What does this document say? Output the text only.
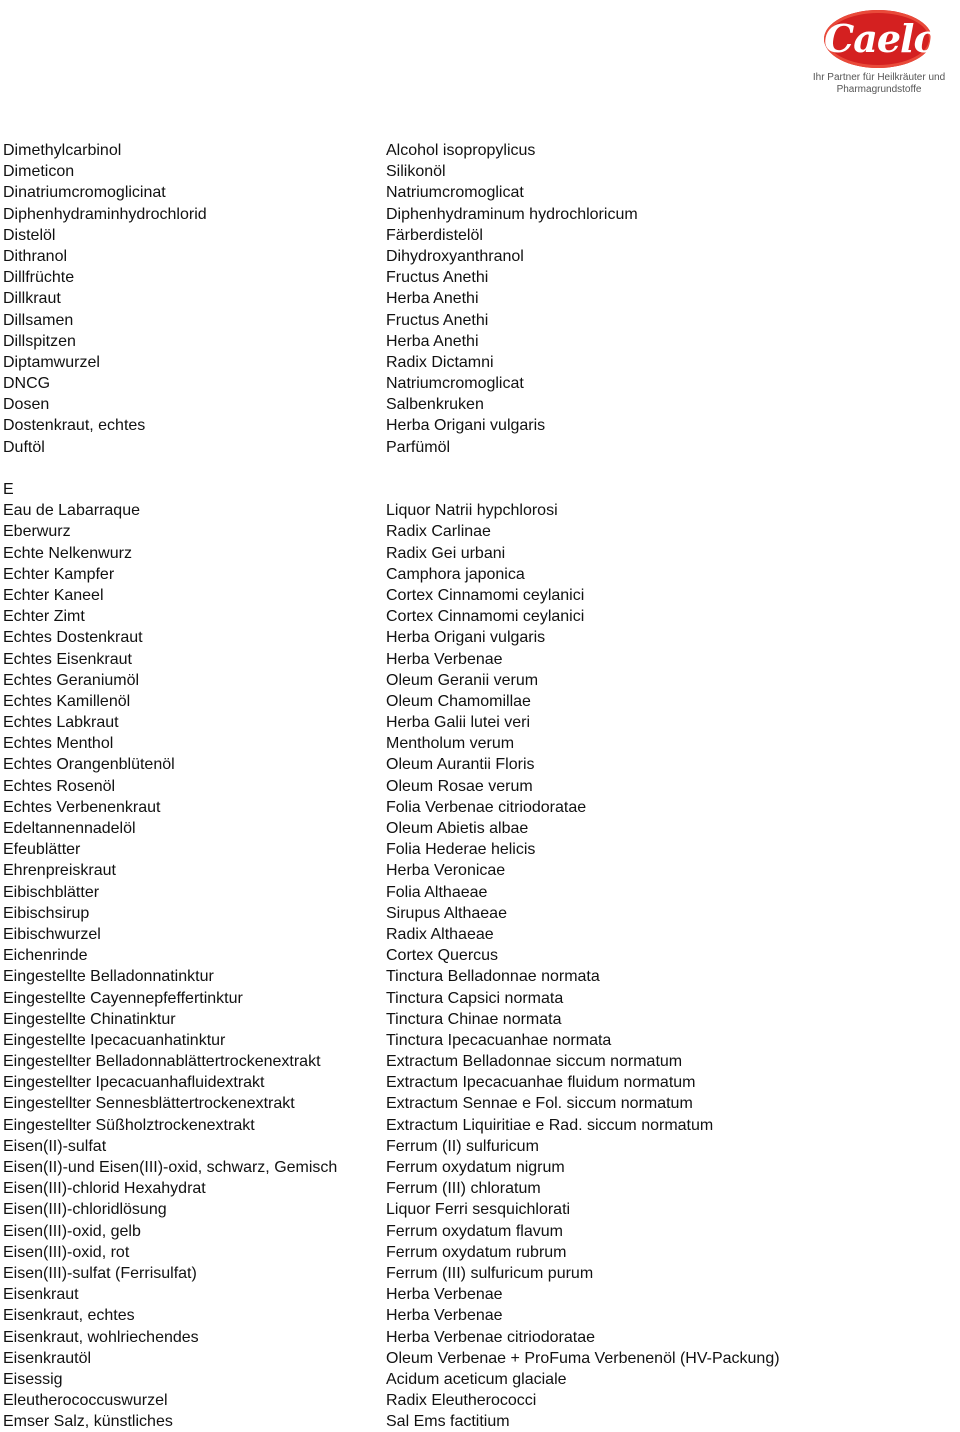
Caelo
Ihr Partner für Heilkräuter und
Pharmagrundstoffe
Dimethylcarbinol	Alcohol isopropylicus
Dimeticon	Silikonöl
Dinatriumcromoglicinat	Natriumcromoglicat
Diphenhydraminhydrochlorid	Diphenhydraminum hydrochloricum
Distelöl	Färberdistelöl
Dithranol	Dihydroxyanthranol
Dillfrüchte	Fructus Anethi
Dillkraut	Herba Anethi
Dillsamen	Fructus Anethi
Dillspitzen	Herba Anethi
Diptamwurzel	Radix Dictamni
DNCG	Natriumcromoglicat
Dosen	Salbenkruken
Dostenkraut, echtes	Herba Origani vulgaris
Duftöl	Parfümöl
E
Eau de Labarraque	Liquor Natrii hypchlorosi
Eberwurz	Radix Carlinae
Echte Nelkenwurz	Radix Gei urbani
Echter Kampfer	Camphora japonica
Echter Kaneel	Cortex Cinnamomi ceylanici
Echter Zimt	Cortex Cinnamomi ceylanici
Echtes Dostenkraut	Herba Origani vulgaris
Echtes Eisenkraut	Herba Verbenae
Echtes Geraniumöl	Oleum Geranii verum
Echtes Kamillenöl	Oleum Chamomillae
Echtes Labkraut	Herba Galii lutei veri
Echtes Menthol	Mentholum verum
Echtes Orangenblütenöl	Oleum Aurantii Floris
Echtes Rosenöl	Oleum Rosae verum
Echtes Verbenenkraut	Folia Verbenae citriodoratae
Edeltannennadelöl	Oleum Abietis albae
Efeublätter	Folia Hederae helicis
Ehrenpreiskraut	Herba Veronicae
Eibischblätter	Folia Althaeae
Eibischsirup	Sirupus Althaeae
Eibischwurzel	Radix Althaeae
Eichenrinde	Cortex Quercus
Eingestellte Belladonnatinktur	Tinctura Belladonnae normata
Eingestellte Cayennepfeffertinktur	Tinctura Capsici normata
Eingestellte Chinatinktur	Tinctura Chinae normata
Eingestellte Ipecacuanhatinktur	Tinctura Ipecacuanhae normata
Eingestellter Belladonnablättertrockenextrakt	Extractum Belladonnae siccum normatum
Eingestellter Ipecacuanhafluidextrakt	Extractum Ipecacuanhae fluidum normatum
Eingestellter Sennesblättertrockenextrakt	Extractum Sennae e Fol. siccum normatum
Eingestellter Süßholztrockenextrakt	Extractum Liquiritiae e Rad. siccum normatum
Eisen(II)-sulfat	Ferrum (II) sulfuricum
Eisen(II)-und Eisen(III)-oxid, schwarz, Gemisch	Ferrum oxydatum nigrum
Eisen(III)-chlorid Hexahydrat	Ferrum (III) chloratum
Eisen(III)-chloridlösung	Liquor Ferri sesquichlorati
Eisen(III)-oxid, gelb	Ferrum oxydatum flavum
Eisen(III)-oxid, rot	Ferrum oxydatum rubrum
Eisen(III)-sulfat (Ferrisulfat)	Ferrum (III) sulfuricum purum
Eisenkraut	Herba Verbenae
Eisenkraut, echtes	Herba Verbenae
Eisenkraut, wohlriechendes	Herba Verbenae citriodoratae
Eisenkrautöl	Oleum Verbenae + ProFuma Verbenenöl (HV-Packung)
Eisessig	Acidum aceticum glaciale
Eleutherococcuswurzel	Radix Eleutherococci
Emser Salz, künstliches	Sal Ems factitium
